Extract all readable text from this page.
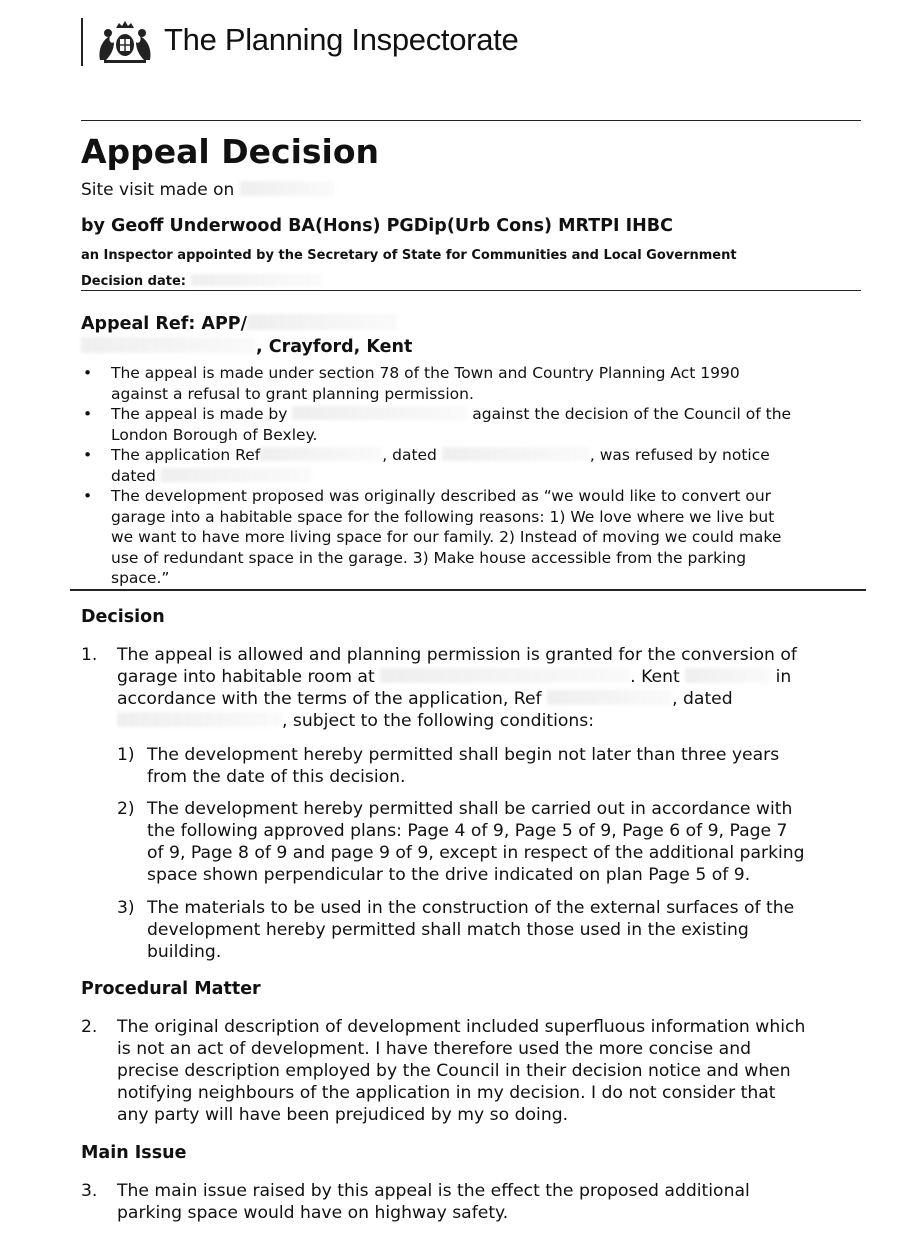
The Planning Inspectorate
Appeal Decision
Site visit made on
by Geoff Underwood BA(Hons) PGDip(Urb Cons) MRTPI IHBC
an Inspector appointed by the Secretary of State for Communities and Local Government
Decision date:
Appeal Ref: APP/
, Crayford, Kent
• The appeal is made under section 78 of the Town and Country Planning Act 1990
against a refusal to grant planning permission.
• The appeal is made by	against the decision of the Council of the
London Borough of Bexley.
• The application Ref	, dated	, was refused by notice
dated
• The development proposed was originally described as “we would like to convert our
garage into a habitable space for the following reasons: 1) We love where we live but
we want to have more living space for our family. 2) Instead of moving we could make
use of redundant space in the garage. 3) Make house accessible from the parking
space.”
Decision
1. The appeal is allowed and planning permission is granted for the conversion of
garage into habitable room at	. Kent	in
accordance with the terms of the application, Ref	, dated
, subject to the following conditions:
1) The development hereby permitted shall begin not later than three years
from the date of this decision.
2) The development hereby permitted shall be carried out in accordance with
the following approved plans: Page 4 of 9, Page 5 of 9, Page 6 of 9, Page 7
of 9, Page 8 of 9 and page 9 of 9, except in respect of the additional parking
space shown perpendicular to the drive indicated on plan Page 5 of 9.
3) The materials to be used in the construction of the external surfaces of the
development hereby permitted shall match those used in the existing
building.
Procedural Matter
2. The original description of development included superfluous information which
is not an act of development. I have therefore used the more concise and
precise description employed by the Council in their decision notice and when
notifying neighbours of the application in my decision. I do not consider that
any party will have been prejudiced by my so doing.
Main Issue
3. The main issue raised by this appeal is the effect the proposed additional
parking space would have on highway safety.
